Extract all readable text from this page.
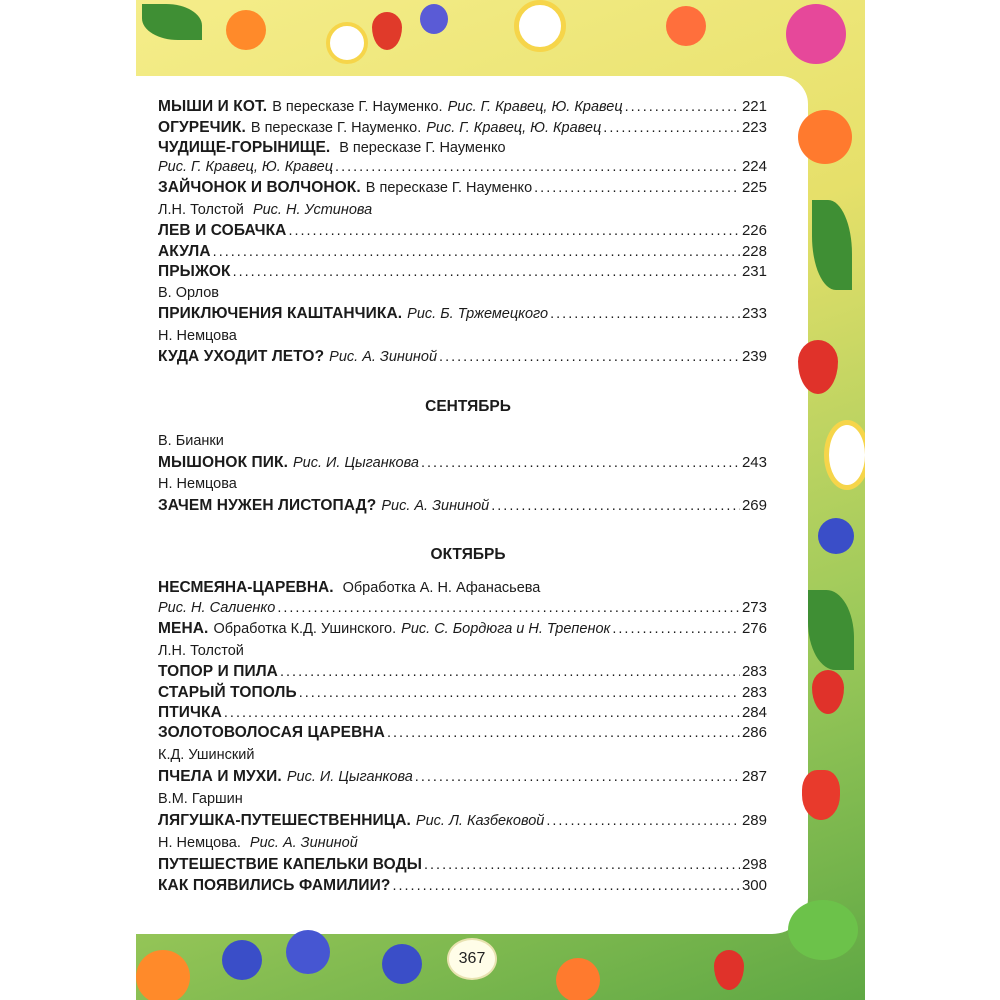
МЫШИ И КОТ. В пересказе Г. Науменко. Рис. Г. Кравец, Ю. Кравец .....	221
ОГУРЕЧИК. В пересказе Г. Науменко. Рис. Г. Кравец, Ю. Кравец .....	223
ЧУДИЩЕ-ГОРЫНИЩЕ. В пересказе Г. Науменко
Рис. Г. Кравец, Ю. Кравец .....	224
ЗАЙЧОНОК И ВОЛЧОНОК. В пересказе Г. Науменко .....	225
Л.Н. Толстой Рис. Н. Устинова
ЛЕВ И СОБАЧКА .....	226
АКУЛА .....	228
ПРЫЖОК .....	231
В. Орлов
ПРИКЛЮЧЕНИЯ КАШТАНЧИКА. Рис. Б. Тржемецкого .....	233
Н. Немцова
КУДА УХОДИТ ЛЕТО? Рис. А. Зининой .....	239
СЕНТЯБРЬ
В. Бианки
МЫШОНОК ПИК. Рис. И. Цыганкова .....	243
Н. Немцова
ЗАЧЕМ НУЖЕН ЛИСТОПАД? Рис. А. Зининой .....	269
ОКТЯБРЬ
НЕСМЕЯНА-ЦАРЕВНА. Обработка А. Н. Афанасьева
Рис. Н. Салиенко .....	273
МЕНА. Обработка К.Д. Ушинского. Рис. С. Бордюга и Н. Трепенок .....	276
Л.Н. Толстой
ТОПОР И ПИЛА .....	283
СТАРЫЙ ТОПОЛЬ .....	283
ПТИЧКА .....	284
ЗОЛОТОВОЛОСАЯ ЦАРЕВНА .....	286
К.Д. Ушинский
ПЧЕЛА И МУХИ. Рис. И. Цыганкова .....	287
В.М. Гаршин
ЛЯГУШКА-ПУТЕШЕСТВЕННИЦА. Рис. Л. Казбековой .....	289
Н. Немцова. Рис. А. Зининой
ПУТЕШЕСТВИЕ КАПЕЛЬКИ ВОДЫ .....	298
КАК ПОЯВИЛИСЬ ФАМИЛИИ? .....	300
367
